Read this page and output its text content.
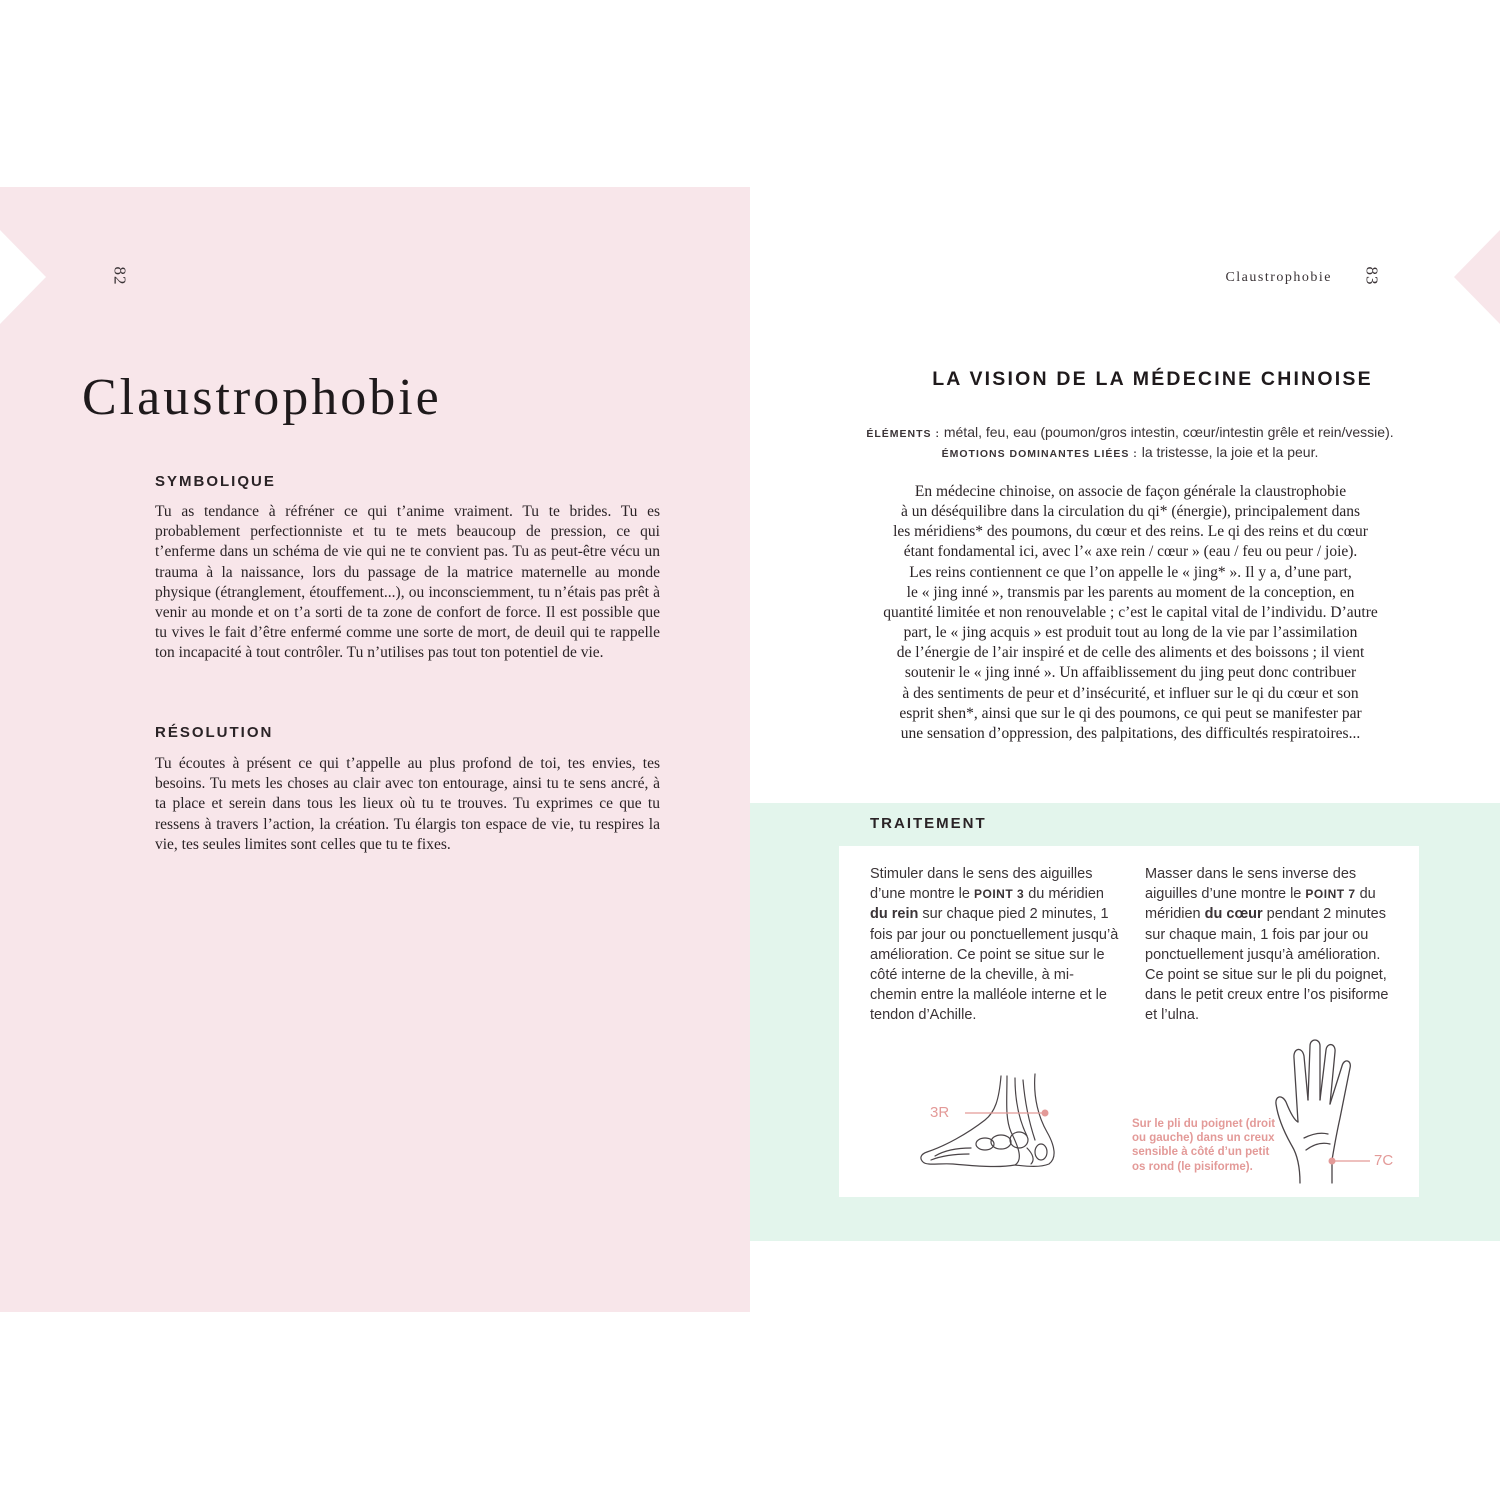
82
Claustrophobie
SYMBOLIQUE

Tu as tendance à réfréner ce qui t’anime vraiment. Tu te brides. Tu es probablement perfectionniste et tu te mets beaucoup de pression, ce qui t’enferme dans un schéma de vie qui ne te convient pas. Tu as peut-être vécu un trauma à la naissance, lors du passage de la matrice maternelle au monde physique (étranglement, étouffement...), ou inconsciemment, tu n’étais pas prêt à venir au monde et on t’a sorti de ta zone de confort de force. Il est possible que tu vives le fait d’être enfermé comme une sorte de mort, de deuil qui te rappelle ton incapacité à tout contrôler. Tu n’utilises pas tout ton potentiel de vie.

RÉSOLUTION

Tu écoutes à présent ce qui t’appelle au plus profond de toi, tes envies, tes besoins. Tu mets les choses au clair avec ton entourage, ainsi tu te sens ancré, à ta place et serein dans tous les lieux où tu te trouves. Tu exprimes ce que tu ressens à travers l’action, la création. Tu élargis ton espace de vie, tu respires la vie, tes seules limites sont celles que tu te fixes.

Claustrophobie 83
LA VISION DE LA MÉDECINE CHINOISE

ÉLÉMENTS : métal, feu, eau (poumon/gros intestin, cœur/intestin grêle et rein/vessie).

ÉMOTIONS DOMINANTES LIÉES : la tristesse, la joie et la peur.

En médecine chinoise, on associe de façon générale la claustrophobie
à un déséquilibre dans la circulation du qi* (énergie), principalement dans
les méridiens* des poumons, du cœur et des reins. Le qi des reins et du cœur
étant fondamental ici, avec l’« axe rein / cœur » (eau / feu ou peur / joie).
Les reins contiennent ce que l’on appelle le « jing* ». Il y a, d’une part,
le « jing inné », transmis par les parents au moment de la conception, en
quantité limitée et non renouvelable ; c’est le capital vital de l’individu. D’autre
part, le « jing acquis » est produit tout au long de la vie par l’assimilation
de l’énergie de l’air inspiré et de celle des aliments et des boissons ; il vient
soutenir le « jing inné ». Un affaiblissement du jing peut donc contribuer
à des sentiments de peur et d’insécurité, et influer sur le qi du cœur et son
esprit shen*, ainsi que sur le qi des poumons, ce qui peut se manifester par
une sensation d’oppression, des palpitations, des difficultés respiratoires...
TRAITEMENT

Stimuler dans le sens des aiguilles d’une montre le POINT 3 du méridien du rein sur chaque pied 2 minutes, 1 fois par jour ou ponctuellement jusqu’à amélioration. Ce point se situe sur le côté interne de la cheville, à mi-chemin entre la malléole interne et le tendon d’Achille.

Masser dans le sens inverse des aiguilles d’une montre le POINT 7 du méridien du cœur pendant 2 minutes sur chaque main, 1 fois par jour ou ponctuellement jusqu’à amélioration. Ce point se situe sur le pli du poignet, dans le petit creux entre l’os pisiforme et l’ulna.

3R
7C

Sur le pli du poignet (droit ou gauche) dans un creux sensible à côté d’un petit os rond (le pisiforme).
